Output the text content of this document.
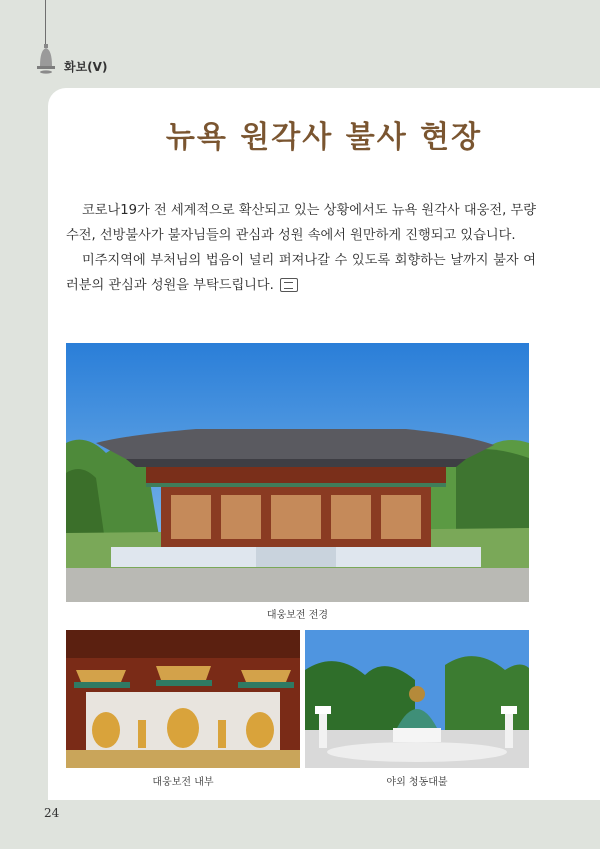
화보(Ⅴ)
뉴욕 원각사 불사 현장

코로나19가 전 세계적으로 확산되고 있는 상황에서도 뉴욕 원각사 대웅전, 무량수전, 선방불사가 불자님들의 관심과 성원 속에서 원만하게 진행되고 있습니다.

미주지역에 부처님의 법음이 널리 퍼져나갈 수 있도록 회향하는 날까지 불자 여러분의 관심과 성원을 부탁드립니다.

대웅보전 전경
대웅보전 내부	야외 청동대불
24
